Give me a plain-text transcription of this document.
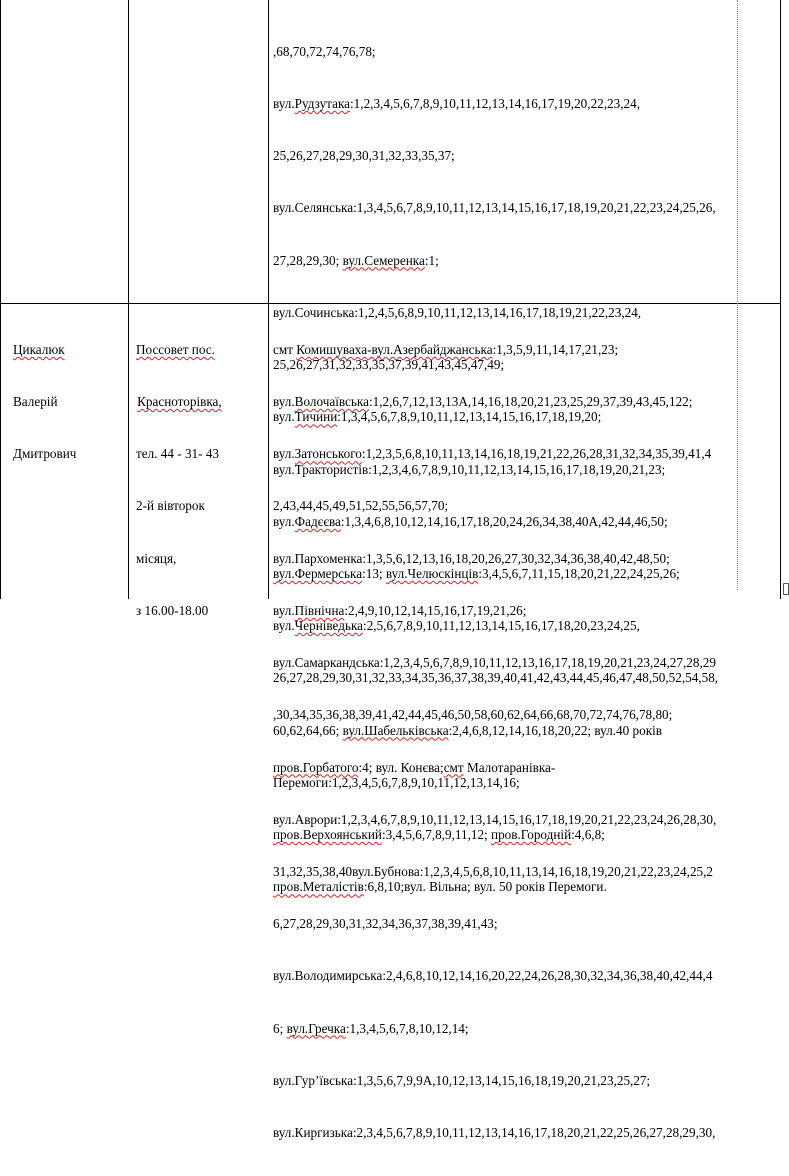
,68,70,72,74,76,78;

вул.Рудзутака:1,2,3,4,5,6,7,8,9,10,11,12,13,14,16,17,19,20,22,23,24,

25,26,27,28,29,30,31,32,33,35,37;

вул.Селянська:1,3,4,5,6,7,8,9,10,11,12,13,14,15,16,17,18,19,20,21,22,23,24,25,26,

27,28,29,30; вул.Семеренка:1;

вул.Сочинська:1,2,4,5,6,8,9,10,11,12,13,14,16,17,18,19,21,22,23,24,

25,26,27,31,32,33,35,37,39,41,43,45,47,49;

вул.Тичини:1,3,4,5,6,7,8,9,10,11,12,13,14,15,16,17,18,19,20;

вул.Трактористів:1,2,3,4,6,7,8,9,10,11,12,13,14,15,16,17,18,19,20,21,23;

вул.Фадєєва:1,3,4,6,8,10,12,14,16,17,18,20,24,26,34,38,40А,42,44,46,50;

вул.Фермерська:13; вул.Челюскінців:3,4,5,6,7,11,15,18,20,21,22,24,25,26;

вул.Черніведька:2,5,6,7,8,9,10,11,12,13,14,15,16,17,18,20,23,24,25,

26,27,28,29,30,31,32,33,34,35,36,37,38,39,40,41,42,43,44,45,46,47,48,50,52,54,58,

60,62,64,66; вул.Шабельківська:2,4,6,8,12,14,16,18,20,22; вул.40 років

Перемоги:1,2,3,4,5,6,7,8,9,10,11,12,13,14,16;

пров.Верхоянський:3,4,5,6,7,8,9,11,12; пров.Городній:4,6,8;

пров.Металістів:6,8,10;вул. Вільна; вул. 50 років Перемоги.

Цикалюк

Валерій

Дмитрович

Поссовет пос.

 Красноторівка,

тел. 44 - 31- 43

2-й вівторок

місяця,

з 16.00-18.00

смт Комишуваха-вул.Азербайджанська:1,3,5,9,11,14,17,21,23;

вул.Волочаївська:1,2,6,7,12,13,13А,14,16,18,20,21,23,25,29,37,39,43,45,122;

вул.Затонського:1,2,3,5,6,8,10,11,13,14,16,18,19,21,22,26,28,31,32,34,35,39,41,4

2,43,44,45,49,51,52,55,56,57,70;

вул.Пархоменка:1,3,5,6,12,13,16,18,20,26,27,30,32,34,36,38,40,42,48,50;

вул.Північна:2,4,9,10,12,14,15,16,17,19,21,26;

вул.Самаркандська:1,2,3,4,5,6,7,8,9,10,11,12,13,16,17,18,19,20,21,23,24,27,28,29

,30,34,35,36,38,39,41,42,44,45,46,50,58,60,62,64,66,68,70,72,74,76,78,80;

пров.Горбатого:4; вул. Конєва;смт Малотаранівка-

вул.Аврори:1,2,3,4,6,7,8,9,10,11,12,13,14,15,16,17,18,19,20,21,22,23,24,26,28,30,

31,32,35,38,40вул.Бубнова:1,2,3,4,5,6,8,10,11,13,14,16,18,19,20,21,22,23,24,25,2

6,27,28,29,30,31,32,34,36,37,38,39,41,43;

вул.Володимирська:2,4,6,8,10,12,14,16,20,22,24,26,28,30,32,34,36,38,40,42,44,4

6; вул.Гречка:1,3,4,5,6,7,8,10,12,14;

вул.Гур’ївська:1,3,5,6,7,9,9А,10,12,13,14,15,16,18,19,20,21,23,25,27;

вул.Киргизька:2,3,4,5,6,7,8,9,10,11,12,13,14,16,17,18,20,21,22,25,26,27,28,29,30,
